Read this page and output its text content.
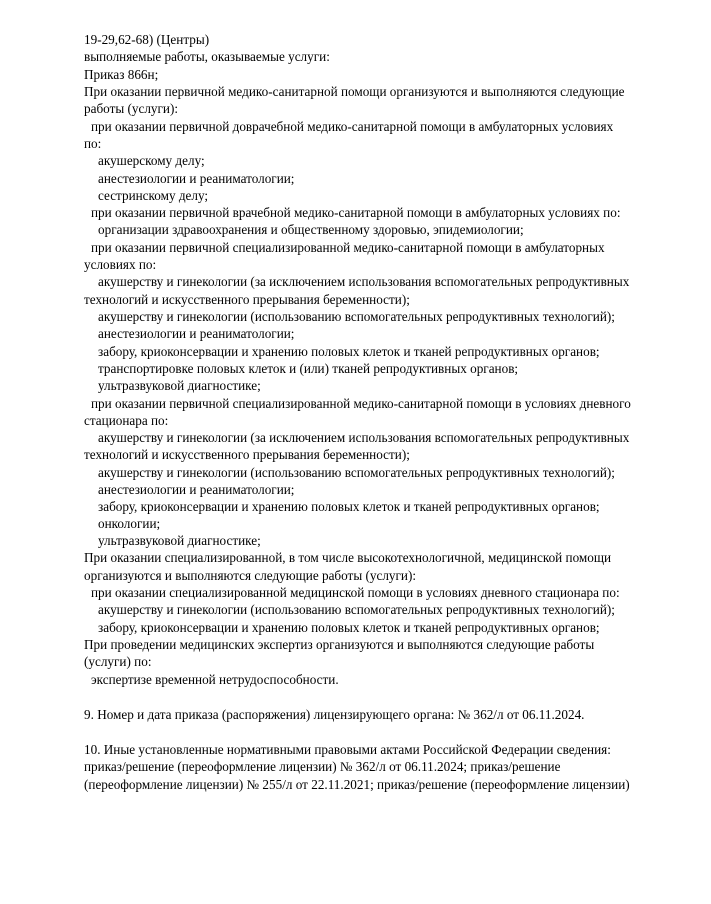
19-29,62-68) (Центры)
выполняемые работы, оказываемые услуги:
Приказ 866н;
При оказании первичной медико-санитарной помощи организуются и выполняются следующие
работы (услуги):
при оказании первичной доврачебной медико-санитарной помощи в амбулаторных условиях
по:
акушерскому делу;
анестезиологии и реаниматологии;
сестринскому делу;
при оказании первичной врачебной медико-санитарной помощи в амбулаторных условиях по:
организации здравоохранения и общественному здоровью, эпидемиологии;
при оказании первичной специализированной медико-санитарной помощи в амбулаторных
условиях по:
акушерству и гинекологии (за исключением использования вспомогательных репродуктивных
технологий и искусственного прерывания беременности);
акушерству и гинекологии (использованию вспомогательных репродуктивных технологий);
анестезиологии и реаниматологии;
забору, криоконсервации и хранению половых клеток и тканей репродуктивных органов;
транспортировке половых клеток и (или) тканей репродуктивных органов;
ультразвуковой диагностике;
при оказании первичной специализированной медико-санитарной помощи в условиях дневного
стационара по:
акушерству и гинекологии (за исключением использования вспомогательных репродуктивных
технологий и искусственного прерывания беременности);
акушерству и гинекологии (использованию вспомогательных репродуктивных технологий);
анестезиологии и реаниматологии;
забору, криоконсервации и хранению половых клеток и тканей репродуктивных органов;
онкологии;
ультразвуковой диагностике;
При оказании специализированной, в том числе высокотехнологичной, медицинской помощи
организуются и выполняются следующие работы (услуги):
при оказании специализированной медицинской помощи в условиях дневного стационара по:
акушерству и гинекологии (использованию вспомогательных репродуктивных технологий);
забору, криоконсервации и хранению половых клеток и тканей репродуктивных органов;
При проведении медицинских экспертиз организуются и выполняются следующие работы
(услуги) по:
экспертизе временной нетрудоспособности.
9. Номер и дата приказа (распоряжения) лицензирующего органа: № 362/л от 06.11.2024.
10. Иные установленные нормативными правовыми актами Российской Федерации сведения:
приказ/решение (переоформление лицензии) № 362/л от 06.11.2024; приказ/решение
(переоформление лицензии) № 255/л от 22.11.2021; приказ/решение (переоформление лицензии)
